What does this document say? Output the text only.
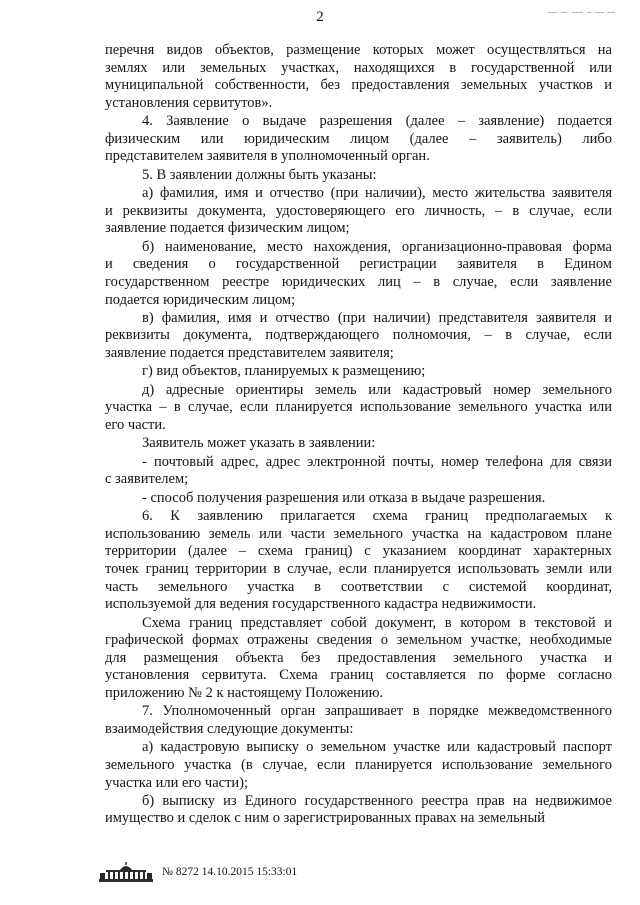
2
перечня видов объектов, размещение которых может осуществляться на
землях или земельных участках, находящихся в государственной или
муниципальной собственности, без предоставления земельных участков и
установления сервитутов».
4. Заявление о выдаче разрешения (далее – заявление) подается
физическим или юридическим лицом (далее – заявитель) либо
представителем заявителя в уполномоченный орган.
5. В заявлении должны быть указаны:
а) фамилия, имя и отчество (при наличии), место жительства заявителя
и реквизиты документа, удостоверяющего его личность, – в случае, если
заявление подается физическим лицом;
б) наименование, место нахождения, организационно-правовая форма
и сведения о государственной регистрации заявителя в Едином
государственном реестре юридических лиц – в случае, если заявление
подается юридическим лицом;
в) фамилия, имя и отчество (при наличии) представителя заявителя и
реквизиты документа, подтверждающего полномочия, – в случае, если
заявление подается представителем заявителя;
г) вид объектов, планируемых к размещению;
д) адресные ориентиры земель или кадастровый номер земельного
участка – в случае, если планируется использование земельного участка или
его части.
Заявитель может указать в заявлении:
- почтовый адрес, адрес электронной почты, номер телефона для связи
с заявителем;
- способ получения разрешения или отказа в выдаче разрешения.
6. К заявлению прилагается схема границ предполагаемых к
использованию земель или части земельного участка на кадастровом плане
территории (далее – схема границ) с указанием координат характерных
точек границ территории в случае, если планируется использовать земли или
часть земельного участка в соответствии с системой координат,
используемой для ведения государственного кадастра недвижимости.
Схема границ представляет собой документ, в котором в текстовой и
графической формах отражены сведения о земельном участке, необходимые
для размещения объекта без предоставления земельного участка и
установления сервитута. Схема границ составляется по форме согласно
приложению № 2 к настоящему Положению.
7. Уполномоченный орган запрашивает в порядке межведомственного
взаимодействия следующие документы:
а) кадастровую выписку о земельном участке или кадастровый паспорт
земельного участка (в случае, если планируется использование земельного
участка или его части);
б) выписку из Единого государственного реестра прав на недвижимое
имущество и сделок с ним о зарегистрированных правах на земельный
№ 8272 14.10.2015 15:33:01
